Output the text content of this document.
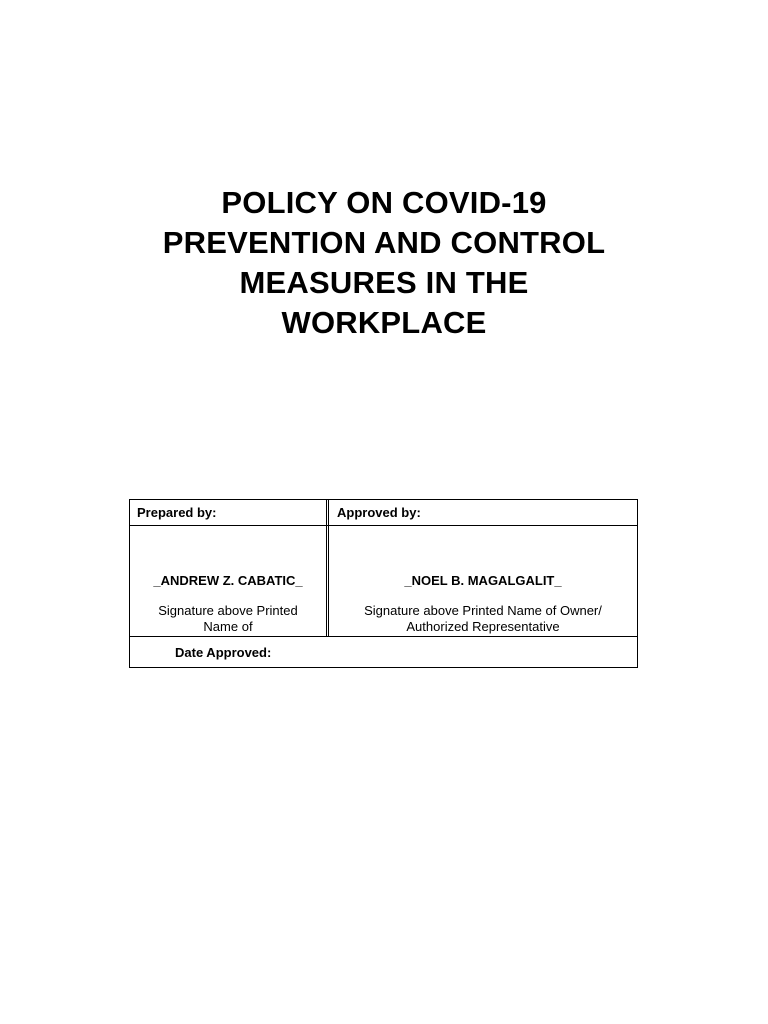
POLICY ON COVID-19
PREVENTION AND CONTROL
MEASURES IN THE
WORKPLACE
Prepared by:	Approved by:
_ANDREW Z. CABATIC_
Signature above Printed
Name of
_NOEL B. MAGALGALIT_
Signature above Printed Name of Owner/
Authorized Representative
Date Approved:
